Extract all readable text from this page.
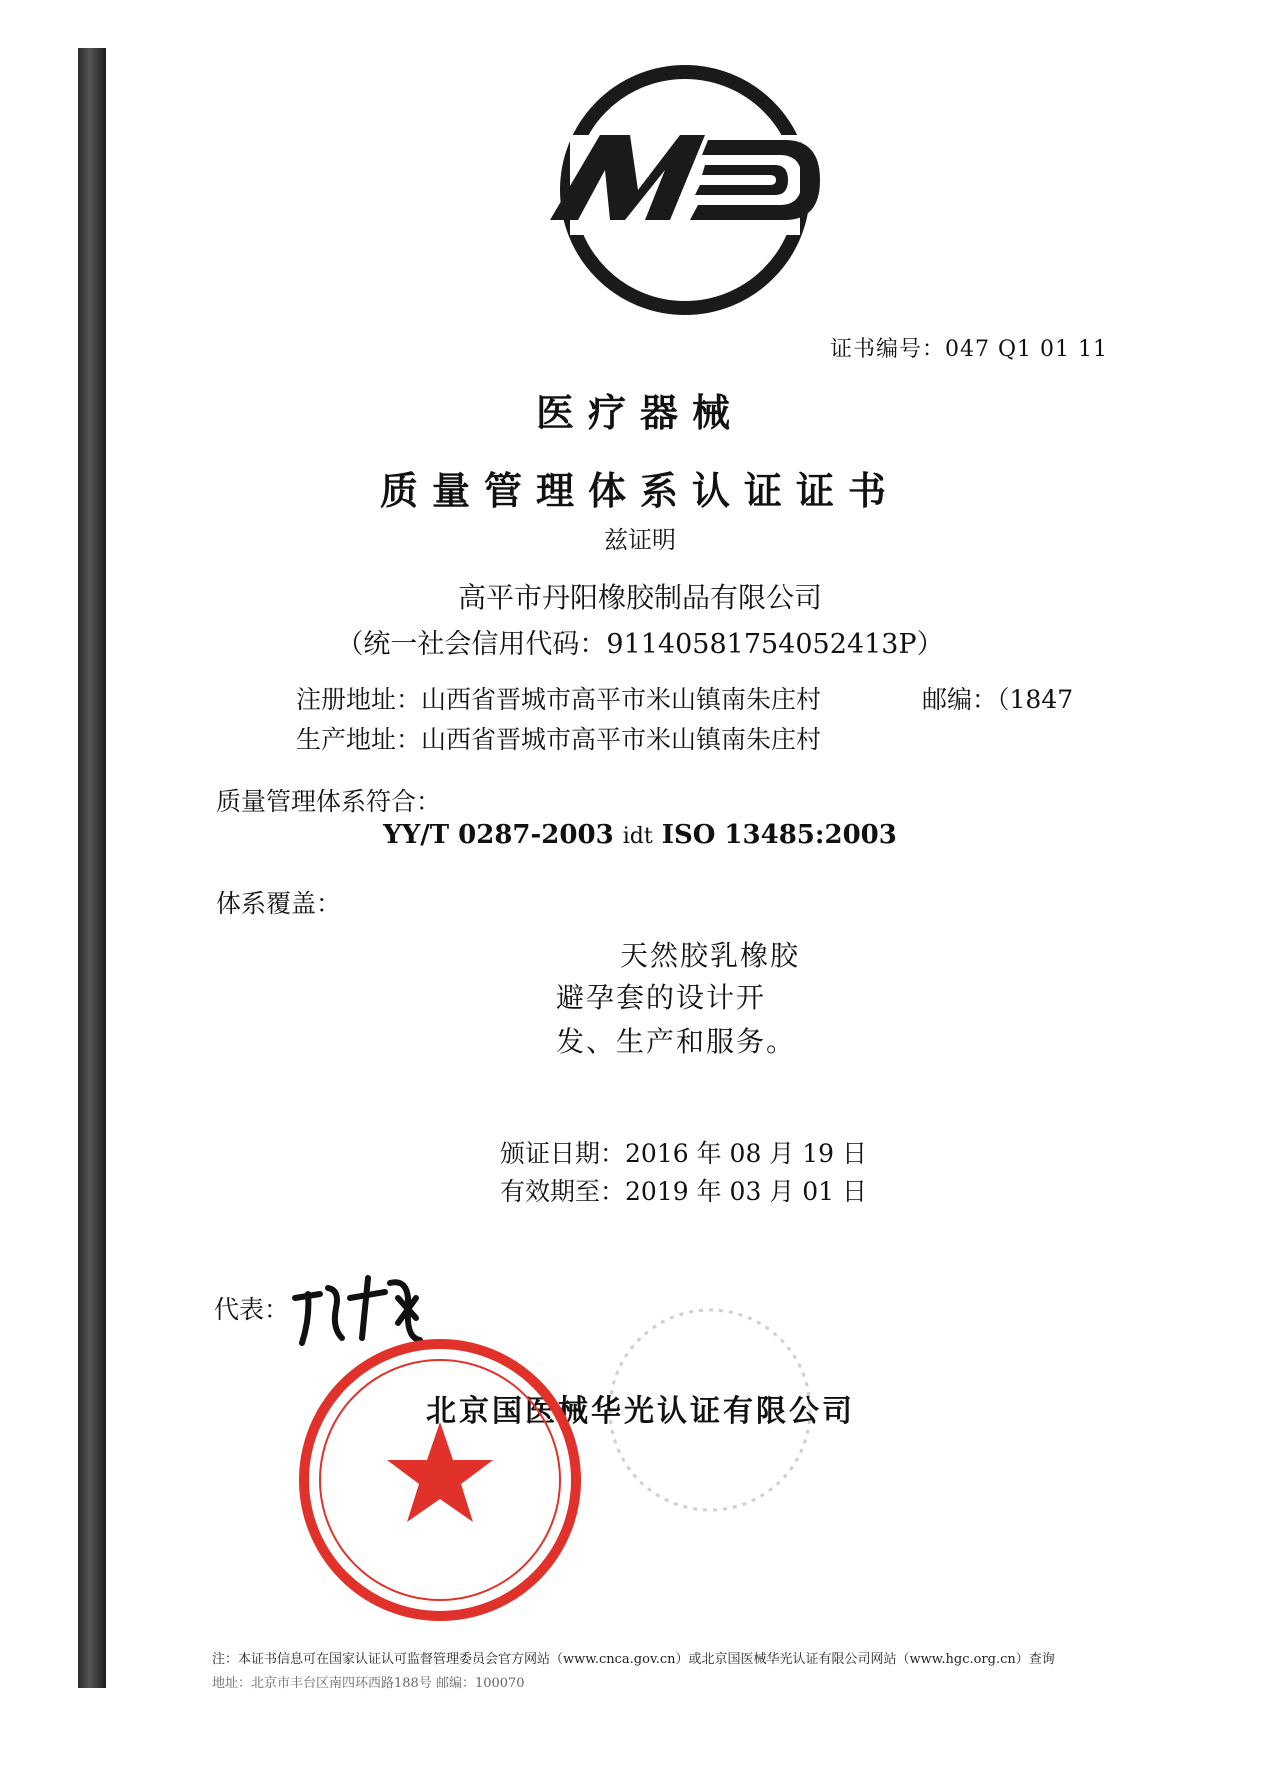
证书编号：047 Q1 01 11
医疗器械
质量管理体系认证证书
兹证明
高平市丹阳橡胶制品有限公司
（统一社会信用代码：91140581754052413P）
注册地址：山西省晋城市高平市米山镇南朱庄村	邮编：（1847
生产地址：山西省晋城市高平市米山镇南朱庄村
质量管理体系符合：
YY/T 0287-2003 idt ISO 13485:2003
体系覆盖：
天然胶乳橡胶
避孕套的设计开
发、生产和服务。
颁证日期：2016 年 08 月 19 日
有效期至：2019 年 03 月 01 日
代表：
北京国医械华光认证有限公司
注：本证书信息可在国家认证认可监督管理委员会官方网站（www.cnca.gov.cn）或北京国医械华光认证有限公司网站（www.hgc.org.cn）查询
地址：北京市丰台区南四环西路188号 邮编：100070
